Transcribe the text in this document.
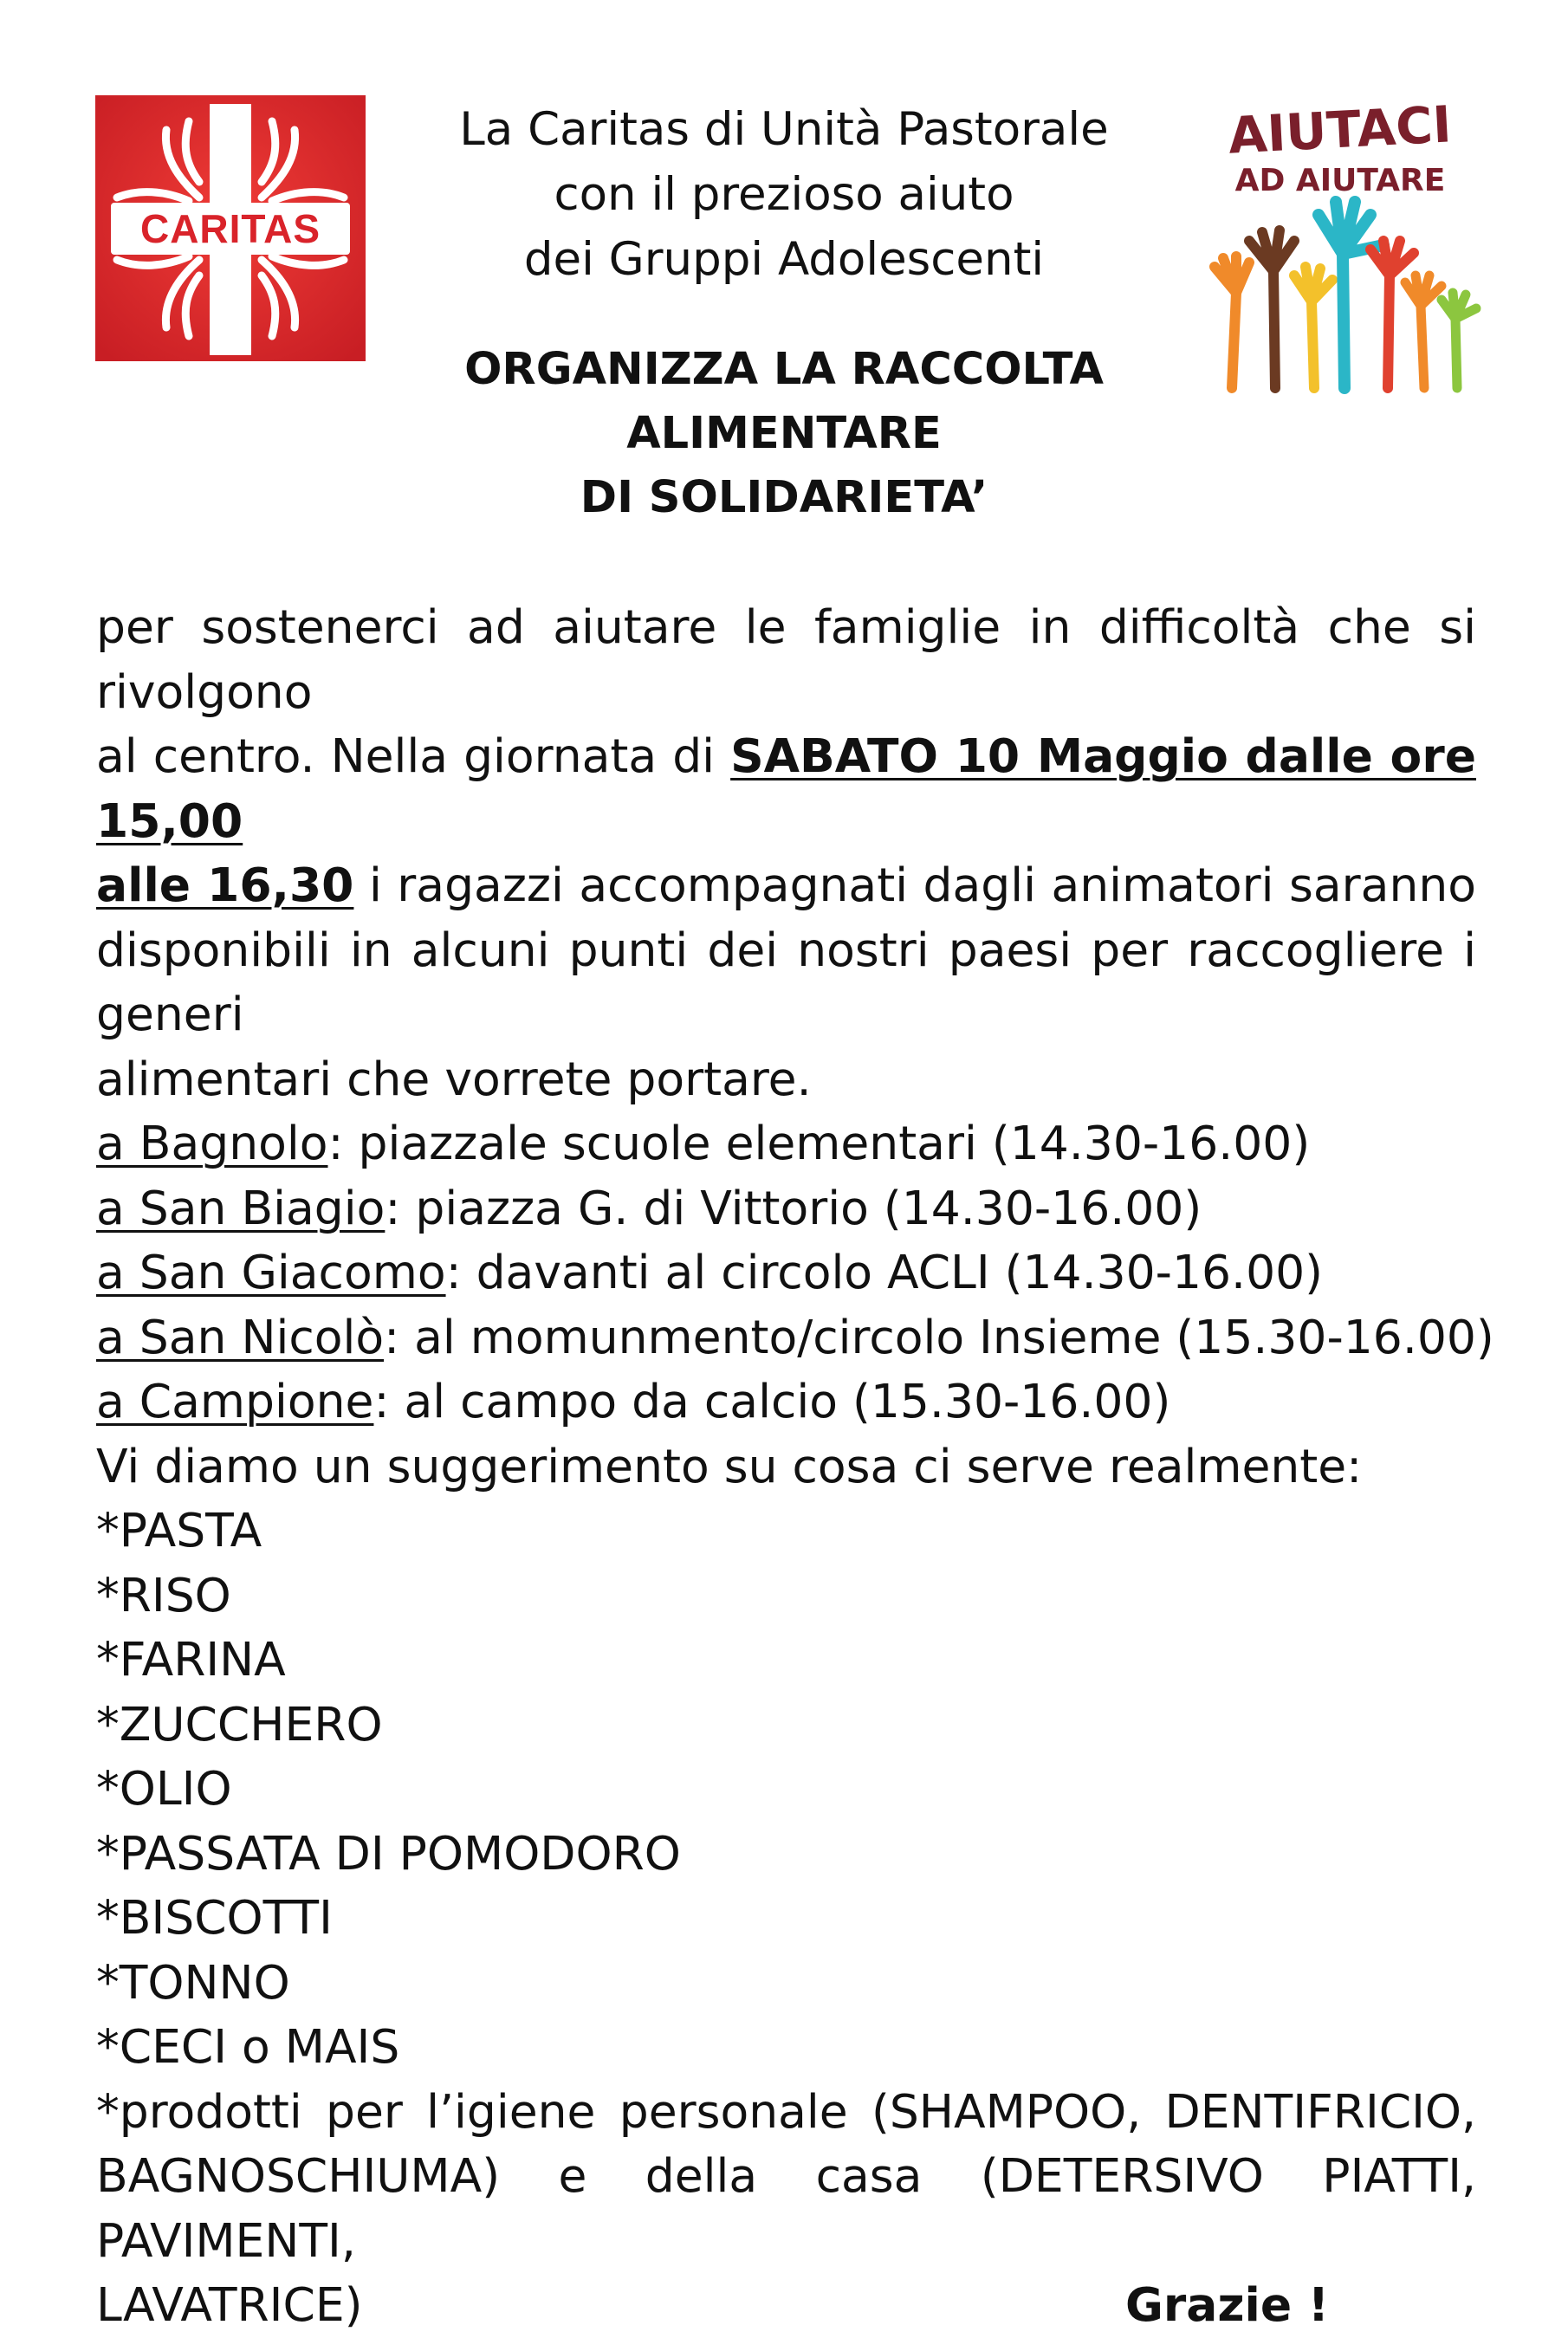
CARITAS
La Caritas di Unità Pastorale
con il prezioso aiuto
dei Gruppi Adolescenti
AIUTACI
AD AIUTARE
ORGANIZZA LA RACCOLTA
ALIMENTARE
DI SOLIDARIETA’
per sostenerci ad aiutare le famiglie in difficoltà che si rivolgono
al centro. Nella giornata di SABATO 10 Maggio dalle ore 15,00
alle 16,30 i ragazzi accompagnati dagli animatori saranno
disponibili in alcuni punti dei nostri paesi per raccogliere i generi
alimentari che vorrete portare.
a Bagnolo: piazzale scuole elementari (14.30-16.00)
a San Biagio: piazza G. di Vittorio (14.30-16.00)
a San Giacomo: davanti al circolo ACLI (14.30-16.00)
a San Nicolò: al momunmento/circolo Insieme (15.30-16.00)
a Campione: al campo da calcio (15.30-16.00)
Vi diamo un suggerimento su cosa ci serve realmente:
*PASTA
*RISO
*FARINA
*ZUCCHERO
*OLIO
*PASSATA DI POMODORO
*BISCOTTI
*TONNO
*CECI o MAIS
*prodotti per l’igiene personale (SHAMPOO, DENTIFRICIO,
BAGNOSCHIUMA) e della casa (DETERSIVO PIATTI, PAVIMENTI,
LAVATRICE)	Grazie !
